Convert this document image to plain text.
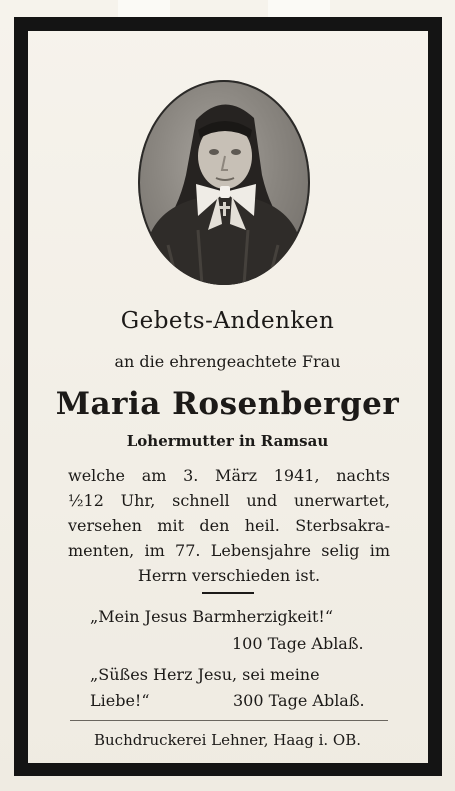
Gebets-Andenken
an die ehrengeachtete Frau
Maria Rosenberger
Lohermutter in Ramsau
welche am 3. März 1941, nachts
½12 Uhr, schnell und unerwartet,
versehen mit den heil. Sterbsakra-
menten, im 77. Lebensjahre selig im
Herrn verschieden ist.
„Mein Jesus Barmherzigkeit!“
100 Tage Ablaß.
„Süßes Herz Jesu, sei meine
Liebe!“	300 Tage Ablaß.
Buchdruckerei Lehner, Haag i. OB.
